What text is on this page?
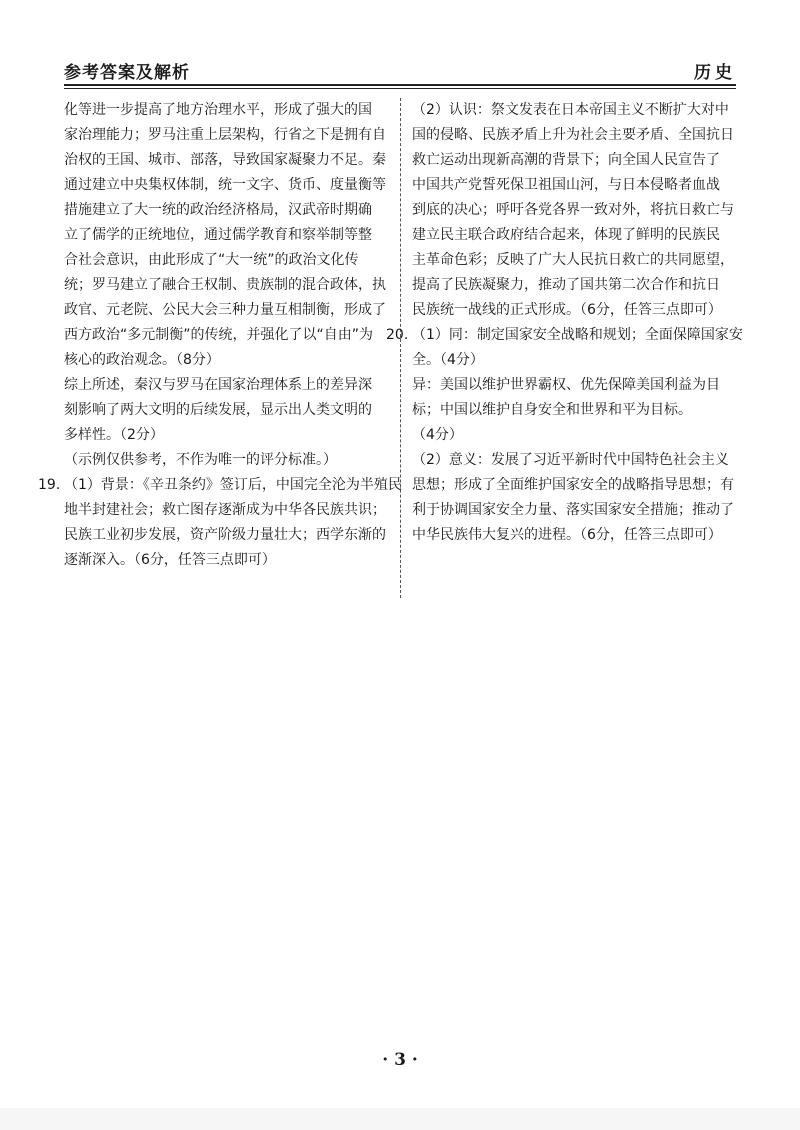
参考答案及解析	历史
化等进一步提高了地方治理水平，形成了强大的国
家治理能力；罗马注重上层架构，行省之下是拥有自
治权的王国、城市、部落，导致国家凝聚力不足。秦
通过建立中央集权体制，统一文字、货币、度量衡等
措施建立了大一统的政治经济格局，汉武帝时期确
立了儒学的正统地位，通过儒学教育和察举制等整
合社会意识，由此形成了“大一统”的政治文化传
统；罗马建立了融合王权制、贵族制的混合政体，执
政官、元老院、公民大会三种力量互相制衡，形成了
西方政治“多元制衡”的传统，并强化了以“自由”为
核心的政治观念。（8分）
综上所述，秦汉与罗马在国家治理体系上的差异深
刻影响了两大文明的后续发展，显示出人类文明的
多样性。（2分）
（示例仅供参考，不作为唯一的评分标准。）
19. （1）背景：《辛丑条约》签订后，中国完全沦为半殖民
地半封建社会；救亡图存逐渐成为中华各民族共识；
民族工业初步发展，资产阶级力量壮大；西学东渐的
逐渐深入。（6分，任答三点即可）
（2）认识：祭文发表在日本帝国主义不断扩大对中
国的侵略、民族矛盾上升为社会主要矛盾、全国抗日
救亡运动出现新高潮的背景下；向全国人民宣告了
中国共产党誓死保卫祖国山河，与日本侵略者血战
到底的决心；呼吁各党各界一致对外，将抗日救亡与
建立民主联合政府结合起来，体现了鲜明的民族民
主革命色彩；反映了广大人民抗日救亡的共同愿望，
提高了民族凝聚力，推动了国共第二次合作和抗日
民族统一战线的正式形成。（6分，任答三点即可）
20. （1）同：制定国家安全战略和规划；全面保障国家安
全。（4分）
异：美国以维护世界霸权、优先保障美国利益为目
标；中国以维护自身安全和世界和平为目标。
（4分）
（2）意义：发展了习近平新时代中国特色社会主义
思想；形成了全面维护国家安全的战略指导思想；有
利于协调国家安全力量、落实国家安全措施；推动了
中华民族伟大复兴的进程。（6分，任答三点即可）
· 3 ·
